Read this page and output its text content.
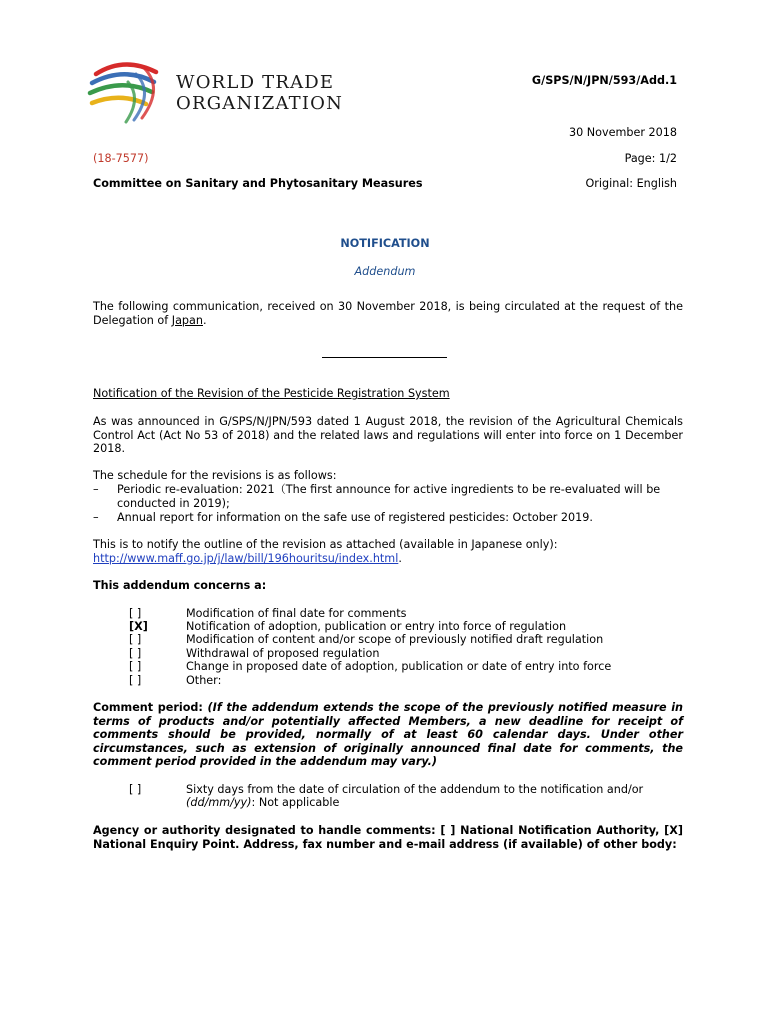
WORLD TRADE
ORGANIZATION
G/SPS/N/JPN/593/Add.1
30 November 2018
(18-7577)	Page: 1/2
Committee on Sanitary and Phytosanitary Measures	Original: English
NOTIFICATION
Addendum
The following communication, received on 30 November 2018, is being circulated at the request of the Delegation of Japan.
Notification of the Revision of the Pesticide Registration System
As was announced in G/SPS/N/JPN/593 dated 1 August 2018, the revision of the Agricultural Chemicals Control Act (Act No 53 of 2018) and the related laws and regulations will enter into force on 1 December 2018.
The schedule for the revisions is as follows:
– Periodic re-evaluation: 2021（The first announce for active ingredients to be re-evaluated will be conducted in 2019);
– Annual report for information on the safe use of registered pesticides: October 2019.
This is to notify the outline of the revision as attached (available in Japanese only):
http://www.maff.go.jp/j/law/bill/196houritsu/index.html.
This addendum concerns a:
[ ]	Modification of final date for comments
[X]	Notification of adoption, publication or entry into force of regulation
[ ]	Modification of content and/or scope of previously notified draft regulation
[ ]	Withdrawal of proposed regulation
[ ]	Change in proposed date of adoption, publication or date of entry into force
[ ]	Other:
Comment period: (If the addendum extends the scope of the previously notified measure in terms of products and/or potentially affected Members, a new deadline for receipt of comments should be provided, normally of at least 60 calendar days. Under other circumstances, such as extension of originally announced final date for comments, the comment period provided in the addendum may vary.)
[ ]	Sixty days from the date of circulation of the addendum to the notification and/or
(dd/mm/yy): Not applicable
Agency or authority designated to handle comments: [ ] National Notification Authority, [X] National Enquiry Point. Address, fax number and e-mail address (if available) of other body:
